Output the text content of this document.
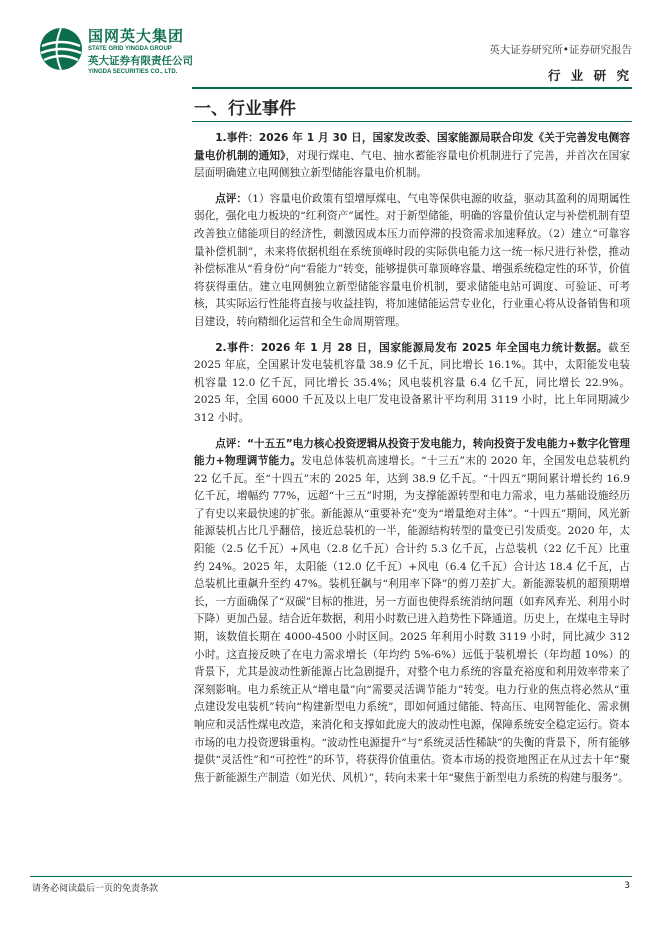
国网英大集团
STATE GRID YINGDA GROUP
英大证券有限责任公司
YINGDA SECURITIES CO., LTD.
英大证券研究所•证券研究报告
行 业 研 究
一、行业事件

1.事件：2026 年 1 月 30 日，国家发改委、国家能源局联合印发《关于完善发电侧容量电价机制的通知》，对现行煤电、气电、抽水蓄能容量电价机制进行了完善，并首次在国家层面明确建立电网侧独立新型储能容量电价机制。

点评：（1）容量电价政策有望增厚煤电、气电等保供电源的收益，驱动其盈利的周期属性弱化，强化电力板块的“红利资产”属性。对于新型储能，明确的容量价值认定与补偿机制有望改善独立储能项目的经济性，刺激因成本压力而停滞的投资需求加速释放。（2）建立“可靠容量补偿机制”，未来将依据机组在系统顶峰时段的实际供电能力这一统一标尺进行补偿，推动补偿标准从“看身份”向“看能力”转变，能够提供可靠顶峰容量、增强系统稳定性的环节，价值将获得重估。建立电网侧独立新型储能容量电价机制，要求储能电站可调度、可验证、可考核，其实际运行性能将直接与收益挂钩，将加速储能运营专业化，行业重心将从设备销售和项目建设，转向精细化运营和全生命周期管理。

2.事件：2026 年 1 月 28 日，国家能源局发布 2025 年全国电力统计数据。截至 2025 年底，全国累计发电装机容量 38.9 亿千瓦，同比增长 16.1%。其中，太阳能发电装机容量 12.0 亿千瓦，同比增长 35.4%；风电装机容量 6.4 亿千瓦，同比增长 22.9%。2025 年，全国 6000 千瓦及以上电厂发电设备累计平均利用 3119 小时，比上年同期减少 312 小时。

点评：“十五五”电力核心投资逻辑从投资于发电能力，转向投资于发电能力+数字化管理能力+物理调节能力。发电总体装机高速增长。“十三五”末的 2020 年，全国发电总装机约 22 亿千瓦。至“十四五”末的 2025 年，达到 38.9 亿千瓦。“十四五”期间累计增长约 16.9 亿千瓦，增幅约 77%，远超“十三五”时期，为支撑能源转型和电力需求，电力基础设施经历了有史以来最快速的扩张。新能源从“重要补充”变为“增量绝对主体”。“十四五”期间，风光新能源装机占比几乎翻倍，接近总装机的一半，能源结构转型的量变已引发质变。2020 年，太阳能（2.5 亿千瓦）+风电（2.8 亿千瓦）合计约 5.3 亿千瓦，占总装机（22 亿千瓦）比重约 24%。2025 年，太阳能（12.0 亿千瓦）+风电（6.4 亿千瓦）合计达 18.4 亿千瓦，占总装机比重飙升至约 47%。装机狂飙与“利用率下降”的剪刀差扩大。新能源装机的超预期增长，一方面确保了“双碳”目标的推进，另一方面也使得系统消纳问题（如弃风弃光、利用小时下降）更加凸显。结合近年数据，利用小时数已进入趋势性下降通道。历史上，在煤电主导时期，该数值长期在 4000-4500 小时区间。2025 年利用小时数 3119 小时，同比减少 312 小时。这直接反映了在电力需求增长（年均约 5%-6%）远低于装机增长（年均超 10%）的背景下，尤其是波动性新能源占比急剧提升，对整个电力系统的容量充裕度和利用效率带来了深刻影响。电力系统正从“增电量”向“需要灵活调节能力”转变。电力行业的焦点将必然从“重点建设发电装机”转向“构建新型电力系统”，即如何通过储能、特高压、电网智能化、需求侧响应和灵活性煤电改造，来消化和支撑如此庞大的波动性电源，保障系统安全稳定运行。资本市场的电力投资逻辑重构。“波动性电源提升”与“系统灵活性稀缺”的失衡的背景下，所有能够提供“灵活性”和“可控性”的环节，将获得价值重估。资本市场的投资地图正在从过去十年“聚焦于新能源生产制造（如光伏、风机）”，转向未来十年“聚焦于新型电力系统的构建与服务”。

请务必阅读最后一页的免责条款	3
